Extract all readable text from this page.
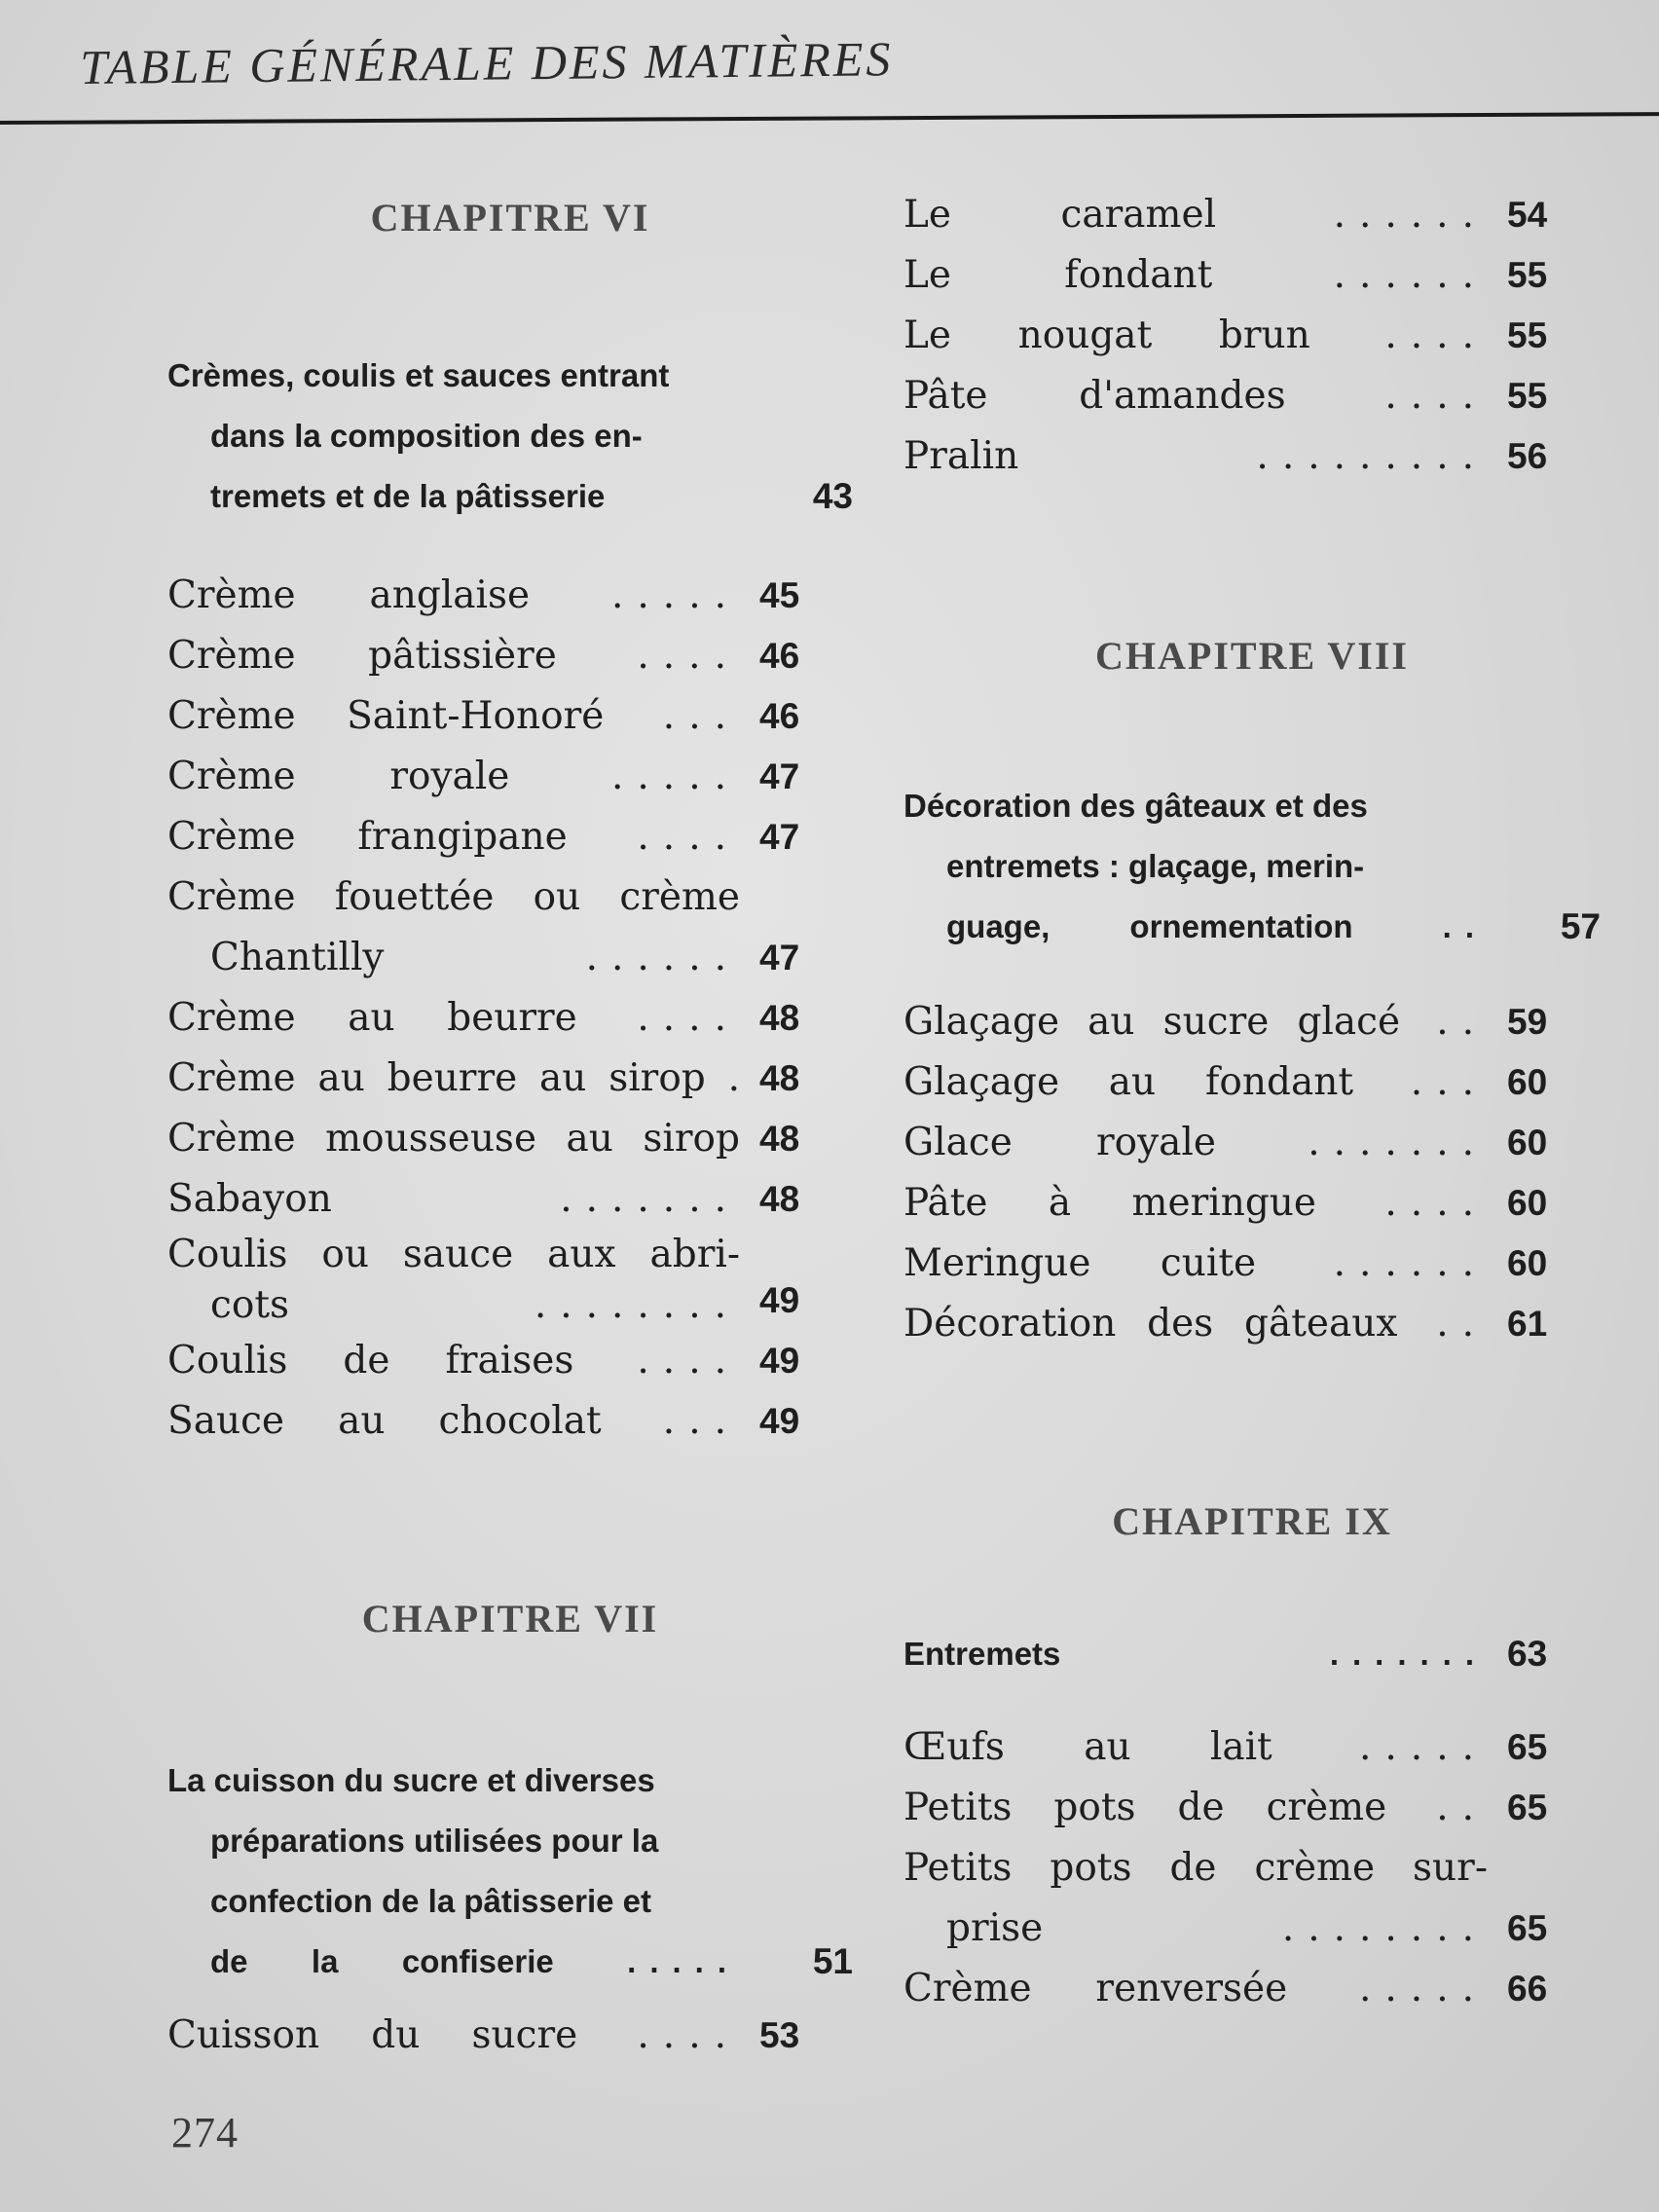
TABLE GÉNÉRALE DES MATIÈRES
CHAPITRE VI
Crèmes, coulis et sauces entrant
dans la composition des en-
tremets et de la pâtisserie	43
Crème anglaise ..... 45
Crème pâtissière .... 46
Crème Saint-Honoré ... 46
Crème royale	..... 47
Crème frangipane .... 47
Crème fouettée ou crème
Chantilly	...... 47
Crème au beurre .... 48
Crème au beurre au sirop . 48
Crème mousseuse au sirop 48
Sabayon	....... 48
Coulis ou sauce aux abri-
cots	........ 49
Coulis de fraises .... 49
Sauce au chocolat ... 49
CHAPITRE VII
La cuisson du sucre et diverses
préparations utilisées pour la
confection de la pâtisserie et
de la confiserie .....	51
Cuisson du sucre .... 53
Le caramel	...... 54
Le fondant	...... 55
Le nougat brun .... 55
Pâte d'amandes	.... 55
Pralin	......... 56
CHAPITRE VIII
Décoration des gâteaux et des
entremets : glaçage, merin-
guage, ornementation	..	57
Glaçage au sucre glacé .. 59
Glaçage au fondant ... 60
Glace royale ....... 60
Pâte à meringue .... 60
Meringue cuite ...... 60
Décoration des gâteaux .. 61
CHAPITRE IX
Entremets	....... 63
Œufs au lait ..... 65
Petits pots de crème .. 65
Petits pots de crème sur-
prise	........ 65
Crème renversée ..... 66
274
